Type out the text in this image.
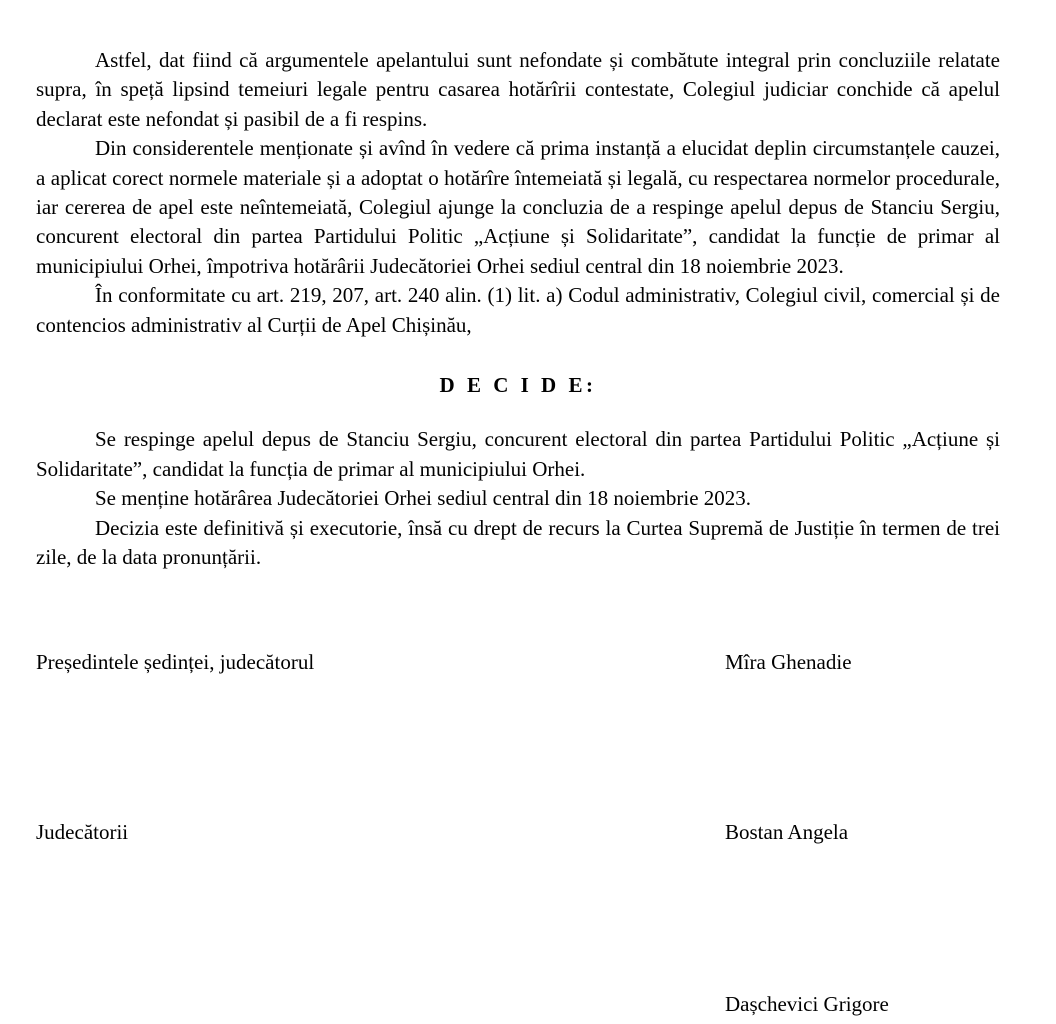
Astfel, dat fiind că argumentele apelantului sunt nefondate și combătute integral prin concluziile relatate supra, în speță lipsind temeiuri legale pentru casarea hotărîrii contestate, Colegiul judiciar conchide că apelul declarat este nefondat și pasibil de a fi respins.

Din considerentele menționate și avînd în vedere că prima instanță a elucidat deplin circumstanțele cauzei, a aplicat corect normele materiale și a adoptat o hotărîre întemeiată și legală, cu respectarea normelor procedurale, iar cererea de apel este neîntemeiată, Colegiul ajunge la concluzia de a respinge apelul depus de Stanciu Sergiu, concurent electoral din partea Partidului Politic „Acțiune și Solidaritate”, candidat la funcție de primar al municipiului Orhei, împotriva hotărârii Judecătoriei Orhei sediul central din 18 noiembrie 2023.

În conformitate cu art. 219, 207, art. 240 alin. (1) lit. a) Codul administrativ, Colegiul civil, comercial și de contencios administrativ al Curții de Apel Chișinău,

D E C I D E:

Se respinge apelul depus de Stanciu Sergiu, concurent electoral din partea Partidului Politic „Acțiune și Solidaritate”, candidat la funcția de primar al municipiului Orhei.

Se menține hotărârea Judecătoriei Orhei sediul central din 18 noiembrie 2023.

Decizia este definitivă și executorie, însă cu drept de recurs la Curtea Supremă de Justiție în termen de trei zile, de la data pronunțării.

Președintele ședinței, judecătorul	Mîra Ghenadie
Judecătorii	Bostan Angela
Dașchevici Grigore
